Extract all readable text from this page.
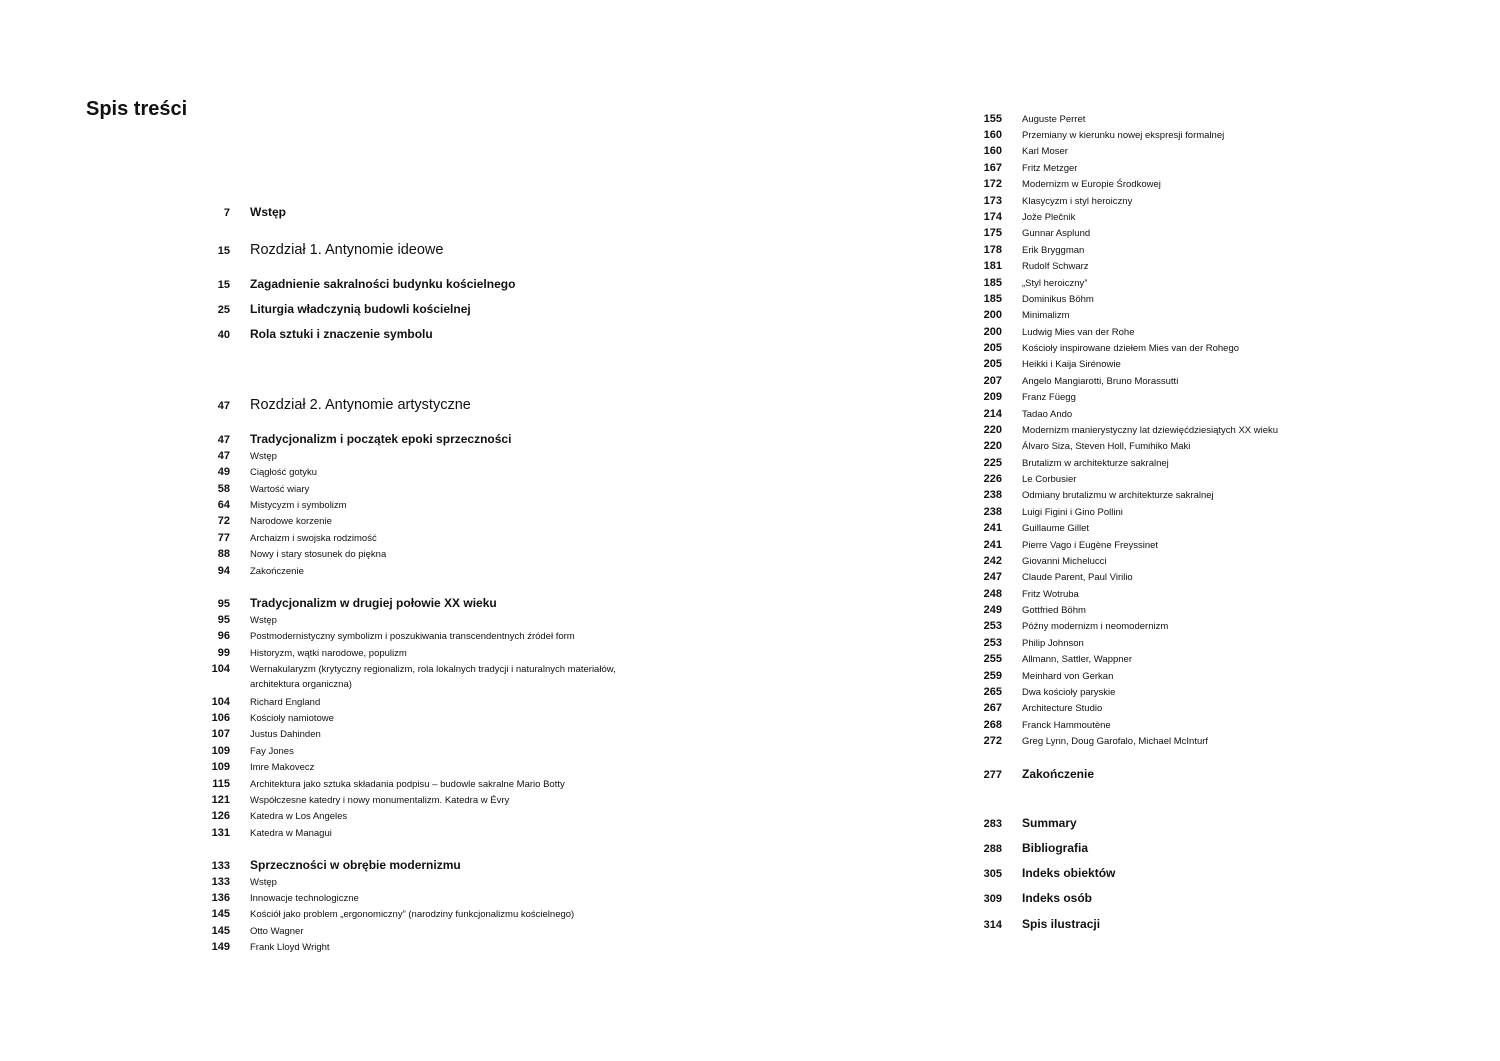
Spis treści
7 Wstęp
15 Rozdział 1. Antynomie ideowe
15 Zagadnienie sakralności budynku kościelnego
25 Liturgia władczynią budowli kościelnej
40 Rola sztuki i znaczenie symbolu
47 Rozdział 2. Antynomie artystyczne
47 Tradycjonalizm i początek epoki sprzeczności
47 Wstęp
49 Ciągłość gotyku
58 Wartość wiary
64 Mistycyzm i symbolizm
72 Narodowe korzenie
77 Archaizm i swojska rodzimość
88 Nowy i stary stosunek do piękna
94 Zakończenie
95 Tradycjonalizm w drugiej połowie XX wieku
95 Wstęp
96 Postmodernistyczny symbolizm i poszukiwania transcendentnych źródeł form
99 Historyzm, wątki narodowe, populizm
104 Wernakularyzm (krytyczny regionalizm, rola lokalnych tradycji i naturalnych materiałów,
104 Richard England
106 Kościoły namiotowe
107 Justus Dahinden
109 Fay Jones
109 Imre Makovecz
115 Architektura jako sztuka składania podpisu – budowle sakralne Mario Botty
121 Współczesne katedry i nowy monumentalizm. Katedra w Évry
126 Katedra w Los Angeles
131 Katedra w Managui
133 Sprzeczności w obrębie modernizmu
133 Wstęp
136 Innowacje technologiczne
145 Kościół jako problem „ergonomiczny” (narodziny funkcjonalizmu kościelnego)
145 Otto Wagner
149 Frank Lloyd Wright
architektura organiczna)
155 Auguste Perret
160 Przemiany w kierunku nowej ekspresji formalnej
160 Karl Moser
167 Fritz Metzger
172 Modernizm w Europie Środkowej
173 Klasycyzm i styl heroiczny
174 Jože Plečnik
175 Gunnar Asplund
178 Erik Bryggman
181 Rudolf Schwarz
185 „Styl heroiczny”
185 Dominikus Böhm
200 Minimalizm
200 Ludwig Mies van der Rohe
205 Kościoły inspirowane dziełem Mies van der Rohego
205 Heikki i Kaija Sirénowie
207 Angelo Mangiarotti, Bruno Morassutti
209 Franz Füegg
214 Tadao Ando
220 Modernizm manierystyczny lat dziewięćdziesiątych XX wieku
220 Álvaro Siza, Steven Holl, Fumihiko Maki
225 Brutalizm w architekturze sakralnej
226 Le Corbusier
238 Odmiany brutalizmu w architekturze sakralnej
238 Luigi Figini i Gino Pollini
241 Guillaume Gillet
241 Pierre Vago i Eugène Freyssinet
242 Giovanni Michelucci
247 Claude Parent, Paul Virilio
248 Fritz Wotruba
249 Gottfried Böhm
253 Późny modernizm i neomodernizm
253 Philip Johnson
255 Allmann, Sattler, Wappner
259 Meinhard von Gerkan
265 Dwa kościoły paryskie
267 Architecture Studio
268 Franck Hammoutène
272 Greg Lynn, Doug Garofalo, Michael McInturf
277 Zakończenie
283 Summary
288 Bibliografia
305 Indeks obiektów
309 Indeks osób
314 Spis ilustracji
